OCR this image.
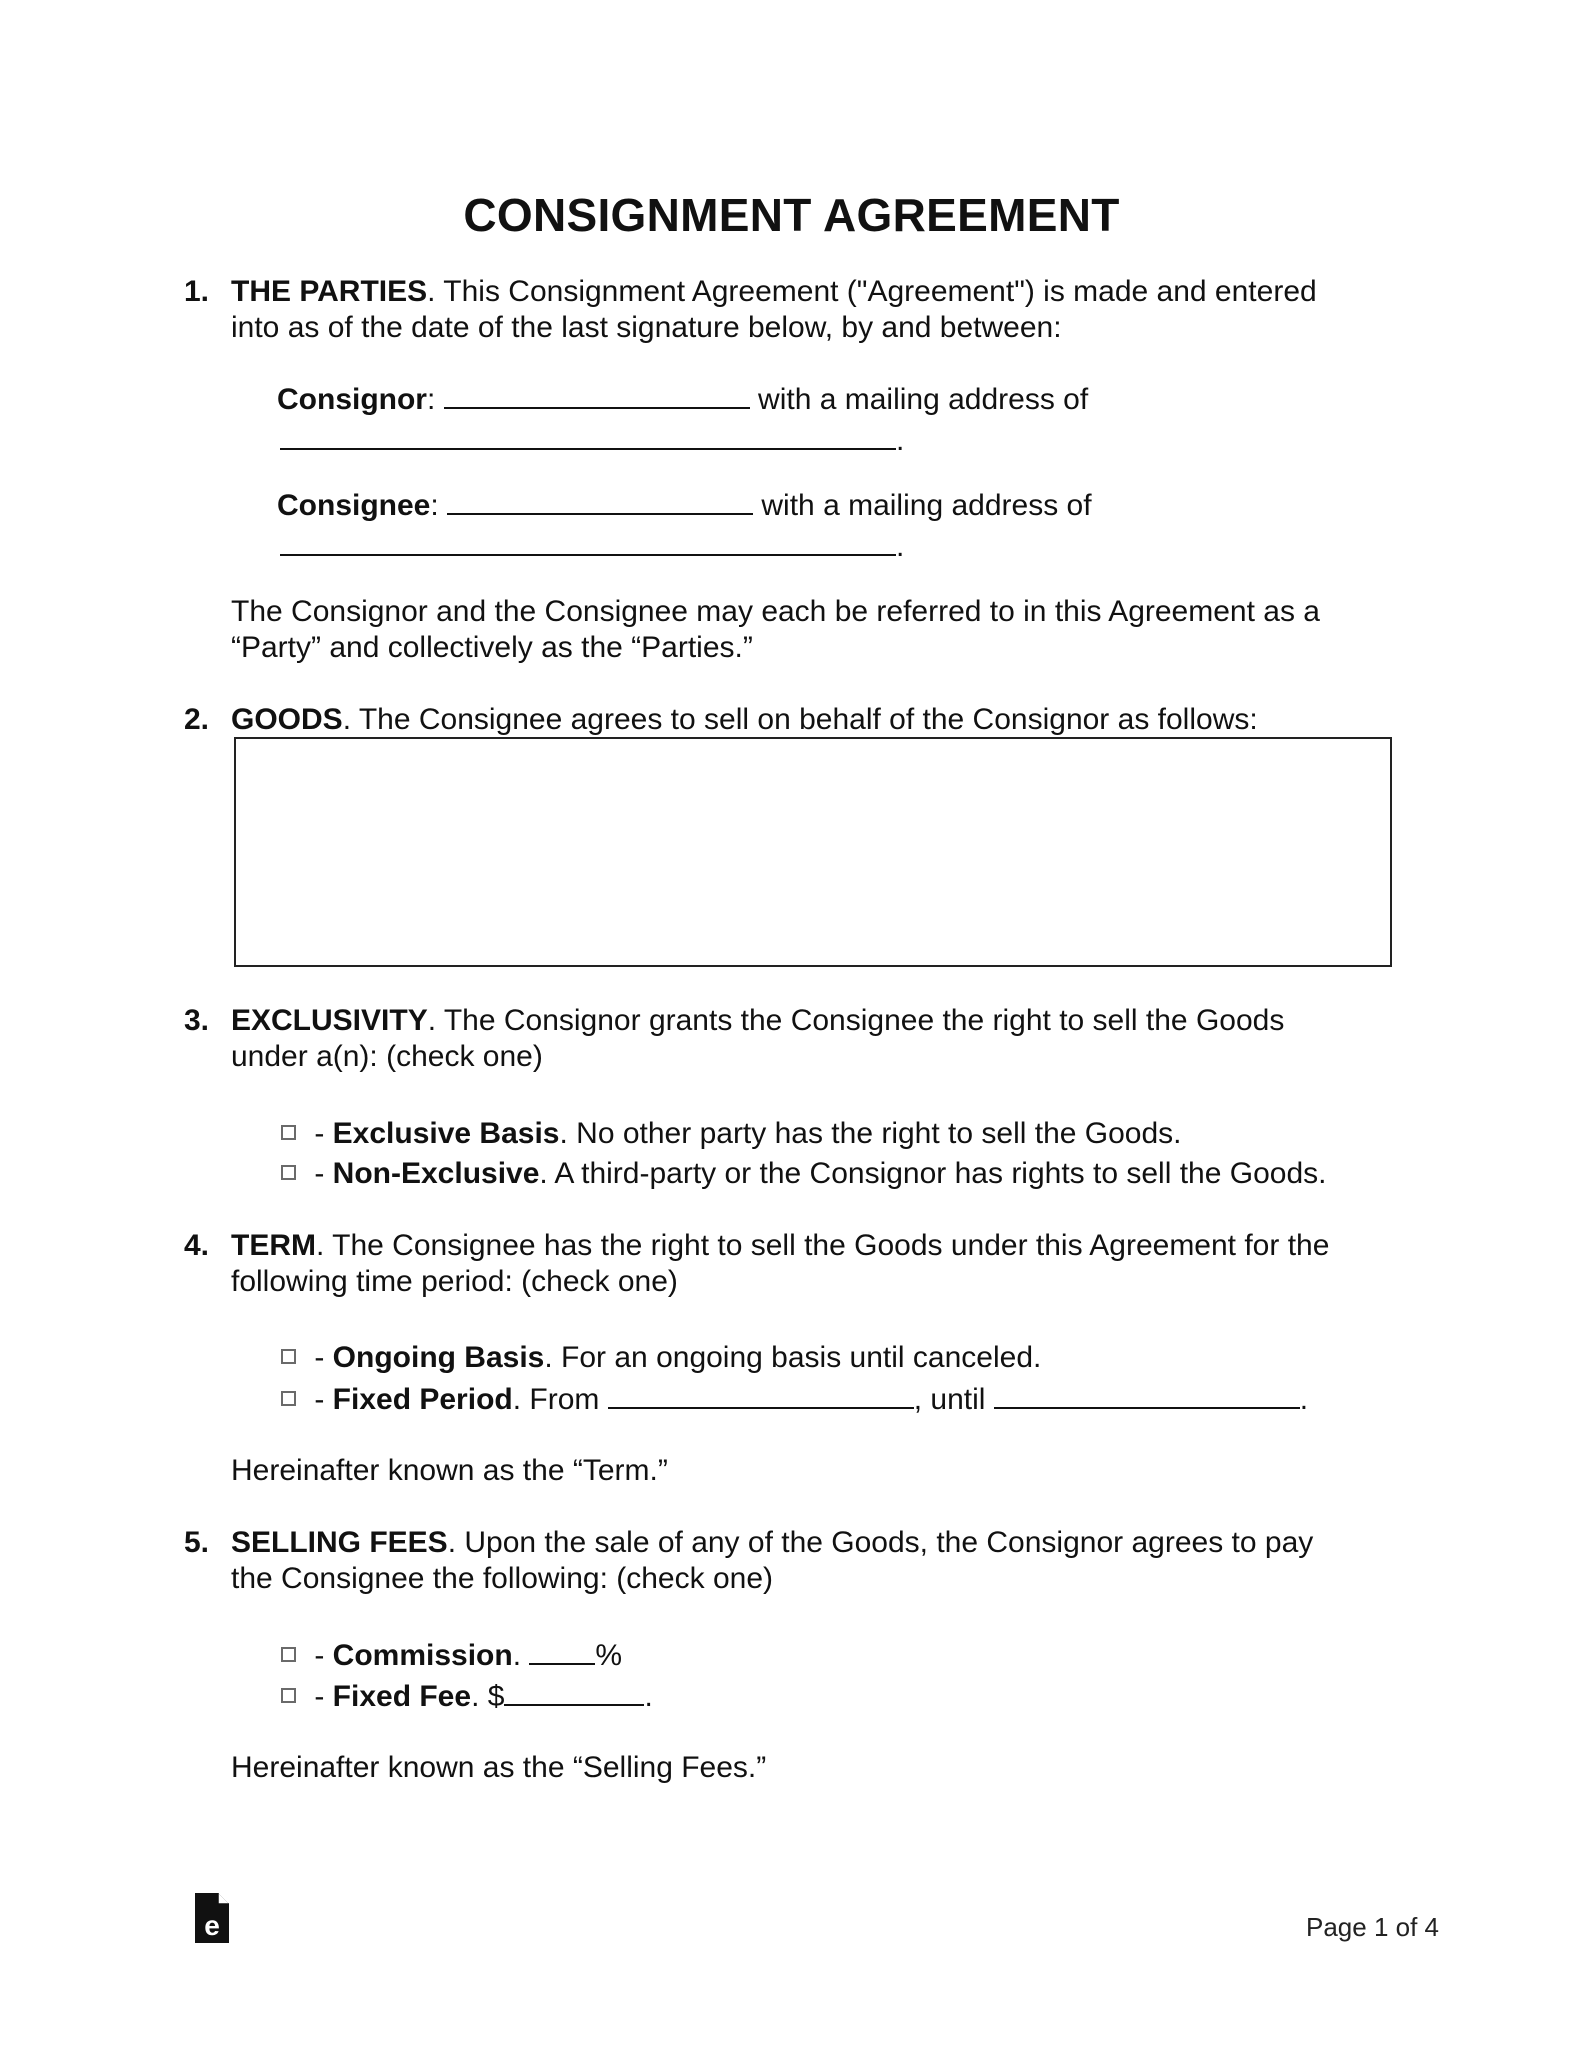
CONSIGNMENT AGREEMENT
1. THE PARTIES. This Consignment Agreement ("Agreement") is made and entered
into as of the date of the last signature below, by and between:
Consignor:	with a mailing address of
.
Consignee:	with a mailing address of
.
The Consignor and the Consignee may each be referred to in this Agreement as a
“Party” and collectively as the “Parties.”
2. GOODS. The Consignee agrees to sell on behalf of the Consignor as follows:
3. EXCLUSIVITY. The Consignor grants the Consignee the right to sell the Goods
under a(n): (check one)
- Exclusive Basis. No other party has the right to sell the Goods.
- Non-Exclusive. A third-party or the Consignor has rights to sell the Goods.
4. TERM. The Consignee has the right to sell the Goods under this Agreement for the
following time period: (check one)
- Ongoing Basis. For an ongoing basis until canceled.
- Fixed Period. From	, until	.
Hereinafter known as the “Term.”
5. SELLING FEES. Upon the sale of any of the Goods, the Consignor agrees to pay
the Consignee the following: (check one)
- Commission. %
- Fixed Fee. $	.
Hereinafter known as the “Selling Fees.”
e	Page 1 of 4
